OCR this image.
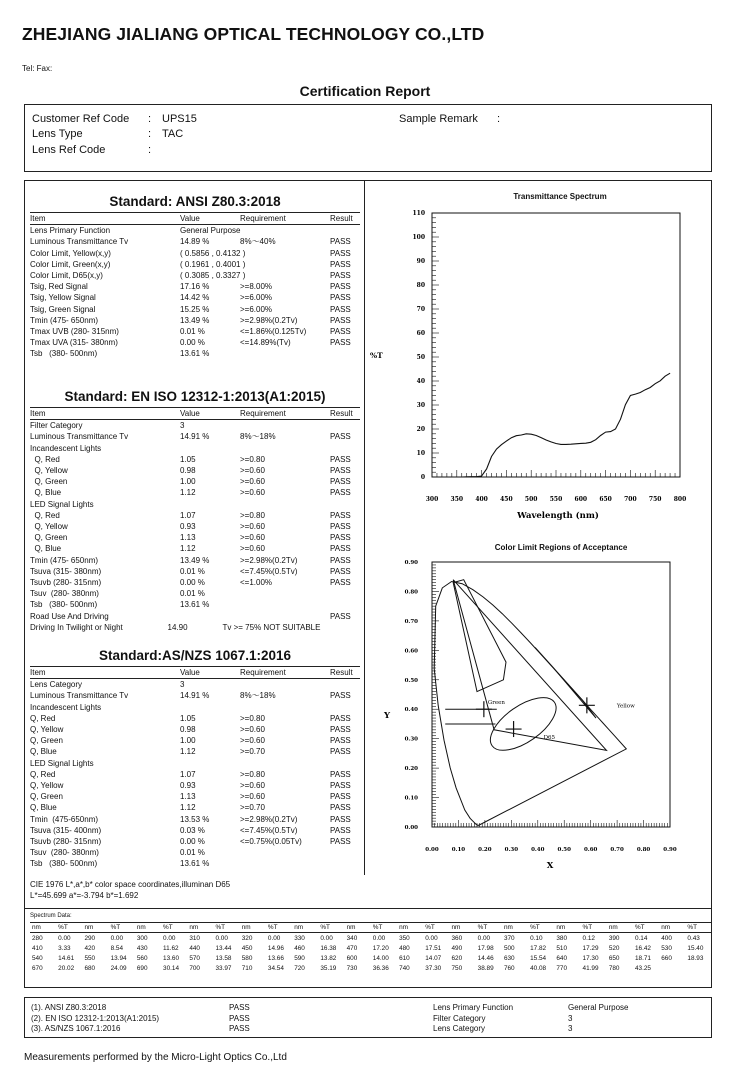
ZHEJIANG JIALIANG OPTICAL TECHNOLOGY CO.,LTD
Tel: Fax:
Certification Report
Customer Ref Code : UPS15
Lens Type	: TAC
Lens Ref Code	:
Sample Remark :
Standard: ANSI Z80.3:2018
Item	Value	Requirement	Result
Lens Primary Function	General Purpose
Luminous Transmittance Tv	14.89 %	8%～40%	PASS
Color Limit, Yellow(x,y)	( 0.5856 , 0.4132 )	PASS
Color Limit, Green(x,y)	( 0.1961 , 0.4001 )	PASS
Color Limit, D65(x,y)	( 0.3085 , 0.3327 )	PASS
Tsig, Red Signal	17.16 %	>=8.00%	PASS
Tsig, Yellow Signal	14.42 %	>=6.00%	PASS
Tsig, Green Signal	15.25 %	>=6.00%	PASS
Tmin (475- 650nm)	13.49 %	>=2.98%(0.2Tv)	PASS
Tmax UVB (280- 315nm)	0.01 %	<=1.86%(0.125Tv)	PASS
Tmax UVA (315- 380nm)	0.00 %	<=14.89%(Tv)	PASS
Tsb   (380- 500nm)	13.61 %
Standard: EN ISO 12312-1:2013(A1:2015)
Item	Value	Requirement	Result
Filter Category	3
Luminous Transmittance Tv	14.91 %	8%～18%	PASS
Incandescent Lights
Q, Red	1.05	>=0.80	PASS
Q, Yellow	0.98	>=0.60	PASS
Q, Green	1.00	>=0.60	PASS
Q, Blue	1.12	>=0.60	PASS
LED Signal Lights
Q, Red	1.07	>=0.80	PASS
Q, Yellow	0.93	>=0.60	PASS
Q, Green	1.13	>=0.60	PASS
Q, Blue	1.12	>=0.60	PASS
Tmin (475- 650nm)	13.49 %	>=2.98%(0.2Tv)	PASS
Tsuva (315- 380nm)	0.01 %	<=7.45%(0.5Tv)	PASS
Tsuvb (280- 315nm)	0.00 %	<=1.00%	PASS
Tsuv  (280- 380nm)	0.01 %
Tsb   (380- 500nm)	13.61 %
Road Use And Driving	PASS
Driving In Twilight or Night	14.90	Tv >= 75% NOT SUITABLE
Standard:AS/NZS 1067.1:2016
Item	Value	Requirement	Result
Lens Category	3
Luminous Transmittance Tv	14.91 %	8%～18%	PASS
Incandescent Lights
Q, Red	1.05	>=0.80	PASS
Q, Yellow	0.98	>=0.60	PASS
Q, Green	1.00	>=0.60	PASS
Q, Blue	1.12	>=0.70	PASS
LED Signal Lights
Q, Red	1.07	>=0.80	PASS
Q, Yellow	0.93	>=0.60	PASS
Q, Green	1.13	>=0.60	PASS
Q, Blue	1.12	>=0.70	PASS
Tmin  (475-650nm)	13.53 %	>=2.98%(0.2Tv)	PASS
Tsuva (315- 400nm)	0.03 %	<=7.45%(0.5Tv)	PASS
Tsuvb (280- 315nm)	0.00 %	<=0.75%(0.05Tv)	PASS
Tsuv  (280- 380nm)	0.01 %
Tsb   (380- 500nm)	13.61 %
Transmittance Spectrum
0
10
20
30
40
50
60
70
80
90
100
110
300 350 400 450 500 550 600 650 700 750 800
%T
Wavelength (nm)
Color Limit Regions of Acceptance
0.00
0.10
0.20
0.30
0.40
0.50
0.60
0.70
0.80
0.90
0.00 0.10 0.20 0.30 0.40 0.50 0.60 0.70 0.80 0.90
Green
Yellow
D65
Y
X
CIE 1976 L*,a*,b* color space coordinates,illuminan D65
L*=45.699 a*=-3.794 b*=1.692
Spectrum Data:
nm	%T	nm	%T	nm	%T	nm	%T	nm	%T	nm	%T	nm	%T	nm	%T	nm	%T	nm	%T	nm	%T	nm	%T	nm	%T
280	0.00	290	0.00	300	0.00	310	0.00	320	0.00	330	0.00	340	0.00	350	0.00	360	0.00	370	0.10	380	0.12	390	0.14	400	0.43
410	3.33	420	8.54	430	11.62	440	13.44	450	14.96	460	16.38	470	17.20	480	17.51	490	17.98	500	17.82	510	17.29	520	16.42	530	15.40
540	14.61	550	13.94	560	13.60	570	13.58	580	13.66	590	13.82	600	14.00	610	14.07	620	14.46	630	15.54	640	17.30	650	18.71	660	18.93
670	20.02	680	24.09	690	30.14	700	33.97	710	34.54	720	35.19	730	36.36	740	37.30	750	38.89	760	40.08	770	41.99	780	43.25		
(1). ANSI Z80.3:2018	PASS	Lens Primary Function	General Purpose
(2). EN ISO 12312-1:2013(A1:2015)	PASS	Filter Category	3
(3). AS/NZS 1067.1:2016	PASS	Lens Category	3
Measurements performed by the Micro-Light Optics Co.,Ltd
